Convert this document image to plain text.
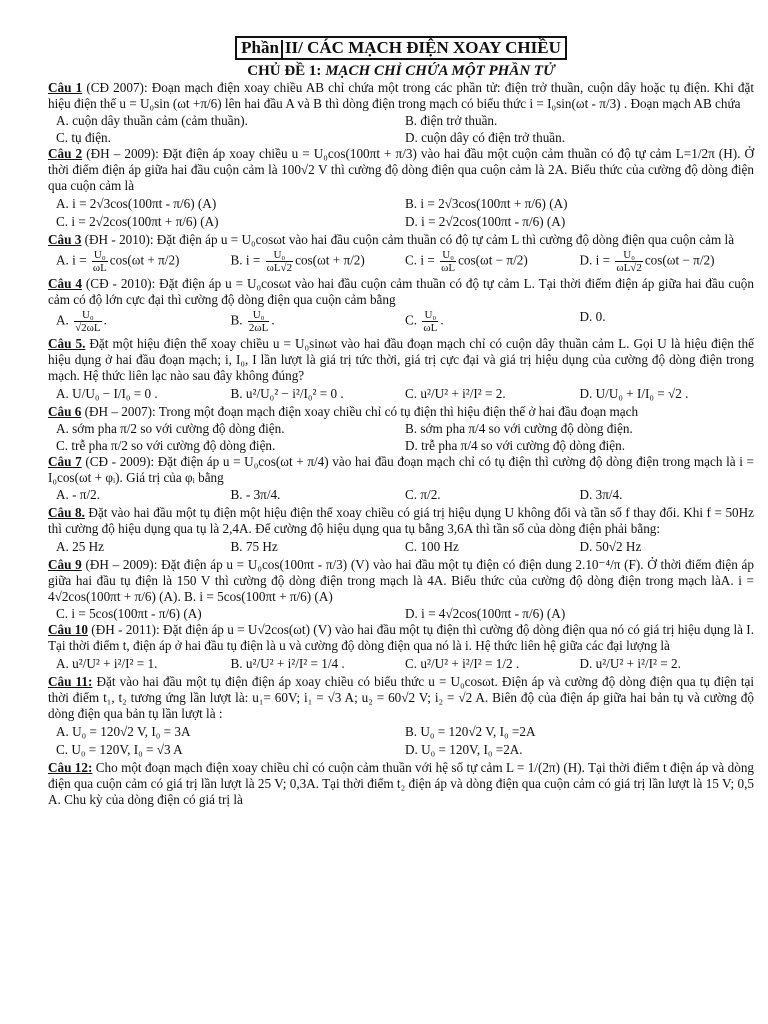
Phần II/ CÁC MẠCH ĐIỆN XOAY CHIỀU
CHỦ ĐỀ 1: MẠCH CHỈ CHỨA MỘT PHẦN TỬ

Câu 1 (CĐ 2007): Đoạn mạch điện xoay chiều AB chỉ chứa một trong các phần tử: điện trở thuần, cuộn dây hoặc tụ điện. Khi đặt hiệu điện thế u = U₀sin (ωt +π/6) lên hai đầu A và B thì dòng điện trong mạch có biểu thức i = I₀sin(ωt - π/3) . Đoạn mạch AB chứa

A. cuộn dây thuần cảm (cảm thuần).	B. điện trở thuần.
C. tụ điện.	D. cuộn dây có điện trở thuần.

Câu 2 (ĐH – 2009): Đặt điện áp xoay chiều u = U₀cos(100πt + π/3) vào hai đầu một cuộn cảm thuần có độ tự cảm L=1/2π (H). Ở thời điểm điện áp giữa hai đầu cuộn cảm là 100√2 V thì cường độ dòng điện qua cuộn cảm là 2A. Biểu thức của cường độ dòng điện qua cuộn cảm là

A. i = 2√3cos(100πt - π/6) (A)	B. i = 2√3cos(100πt + π/6) (A)
C. i = 2√2cos(100πt + π/6) (A)	D. i = 2√2cos(100πt - π/6) (A)

Câu 3 (ĐH - 2010): Đặt điện áp u = U₀cosωt vào hai đầu cuộn cảm thuần có độ tự cảm L thì cường độ dòng điện qua cuộn cảm là

A. $i = \frac{\text{U₀}}{\omega L} \cos(\omega t + \pi/2)$	B. $i = \frac{\text{U₀}}{\omega L√2} \cos(\omega t + \pi/2)$	C. $i = \frac{\text{U₀}}{\omega L} \cos(\omega t - \pi/2)$	D. $i = \frac{\text{U₀}}{\omega L√2} \cos(\omega t - \pi/2)$

Câu 4 (CĐ - 2010): Đặt điện áp u = U₀cosωt vào hai đầu cuộn cảm thuần có độ tự cảm L. Tại thời điểm điện áp giữa hai đầu cuộn cảm có độ lớn cực đại thì cường độ dòng điện qua cuộn cảm bằng

A. $\frac{\text{U₀}}{√2\omega L}$ .	B. $\frac{\text{U₀}}{2\omega L}$ .	C. $\frac{\text{U₀}}{\omega L}$ .	D. 0.

Câu 5. Đặt một hiệu điện thế xoay chiều u = U₀sinωt vào hai đầu đoạn mạch chỉ có cuộn dây thuần cảm L. Gọi U là hiệu điện thế hiệu dụng ở hai đầu đoạn mạch; i, I₀, I lần lượt là giá trị tức thời, giá trị cực đại và giá trị hiệu dụng của cường độ dòng điện trong mạch. Hệ thức liên lạc nào sau đây không đúng?

A. U/U₀ − I/I₀ = 0 .	B. u²/U₀² − i²/I₀² = 0 .	C. u²/U² + i²/I² = 2.	D. U/U₀ + I/I₀ = √2 .

Câu 6 (ĐH – 2007): Trong một đoạn mạch điện xoay chiều chỉ có tụ điện thì hiệu điện thế ở hai đầu đoạn mạch

A. sớm pha π/2 so với cường độ dòng điện.	B. sớm pha π/4 so với cường độ dòng điện.
C. trễ pha π/2 so với cường độ dòng điện.	D. trễ pha π/4 so với cường độ dòng điện.

Câu 7 (CĐ - 2009): Đặt điện áp u = U₀cos(ωt + π/4) vào hai đầu đoạn mạch chỉ có tụ điện thì cường độ dòng điện trong mạch là i = I₀cos(ωt + φᵢ). Giá trị của φᵢ bằng

A. - π/2.	B. - 3π/4.	C. π/2.	D. 3π/4.

Câu 8. Đặt vào hai đầu một tụ điện một hiệu điện thế xoay chiều có giá trị hiệu dụng U không đổi và tần số f thay đổi. Khi f = 50Hz thì cường độ hiệu dụng qua tụ là 2,4A. Để cường độ hiệu dụng qua tụ bằng 3,6A thì tần số của dòng điện phải bằng:

A. 25 Hz	B. 75 Hz	C. 100 Hz	D. 50√2 Hz

Câu 9 (ĐH – 2009): Đặt điện áp u = U₀cos(100πt - π/3) (V) vào hai đầu một tụ điện có điện dung 2.10⁻⁴/π (F). Ở thời điểm điện áp giữa hai đầu tụ điện là 150 V thì cường độ dòng điện trong mạch là 4A. Biểu thức của cường độ dòng điện trong mạch làA. i = 4√2cos(100πt + π/6) (A). B. i = 5cos(100πt + π/6) (A)

C. i = 5cos(100πt - π/6) (A)	D. i = 4√2cos(100πt - π/6) (A)

Câu 10 (ĐH - 2011): Đặt điện áp u = U√2cos(ωt) (V) vào hai đầu một tụ điện thì cường độ dòng điện qua nó có giá trị hiệu dụng là I. Tại thời điểm t, điện áp ở hai đầu tụ điện là u và cường độ dòng điện qua nó là i. Hệ thức liên hệ giữa các đại lượng là

A. u²/U² + i²/I² = 1.	B. u²/U² + i²/I² = 1/4 .	C. u²/U² + i²/I² = 1/2 .	D. u²/U² + i²/I² = 2.

Câu 11: Đặt vào hai đầu một tụ điện điện áp xoay chiều có biểu thức u = U₀cosωt. Điện áp và cường độ dòng điện qua tụ điện tại thời điểm t₁, t₂ tương ứng lần lượt là: u₁= 60V; i₁ = √3 A; u₂ = 60√2 V; i₂ = √2 A. Biên độ của điện áp giữa hai bản tụ và cường độ dòng điện qua bản tụ lần lượt là :

A. U₀ = 120√2 V, I₀ = 3A	B. U₀ = 120√2 V, I₀ =2A
C. U₀ = 120V, I₀ = √3 A	D. U₀ = 120V, I₀ =2A.

Câu 12: Cho một đoạn mạch điện xoay chiều chỉ có cuộn cảm thuần với hệ số tự cảm L = 1/(2π) (H). Tại thời điểm t điện áp và dòng điện qua cuộn cảm có giá trị lần lượt là 25 V; 0,3A. Tại thời điểm t₂ điện áp và dòng điện qua cuộn cảm có giá trị lần lượt là 15 V; 0,5 A. Chu kỳ của dòng điện có giá trị là
